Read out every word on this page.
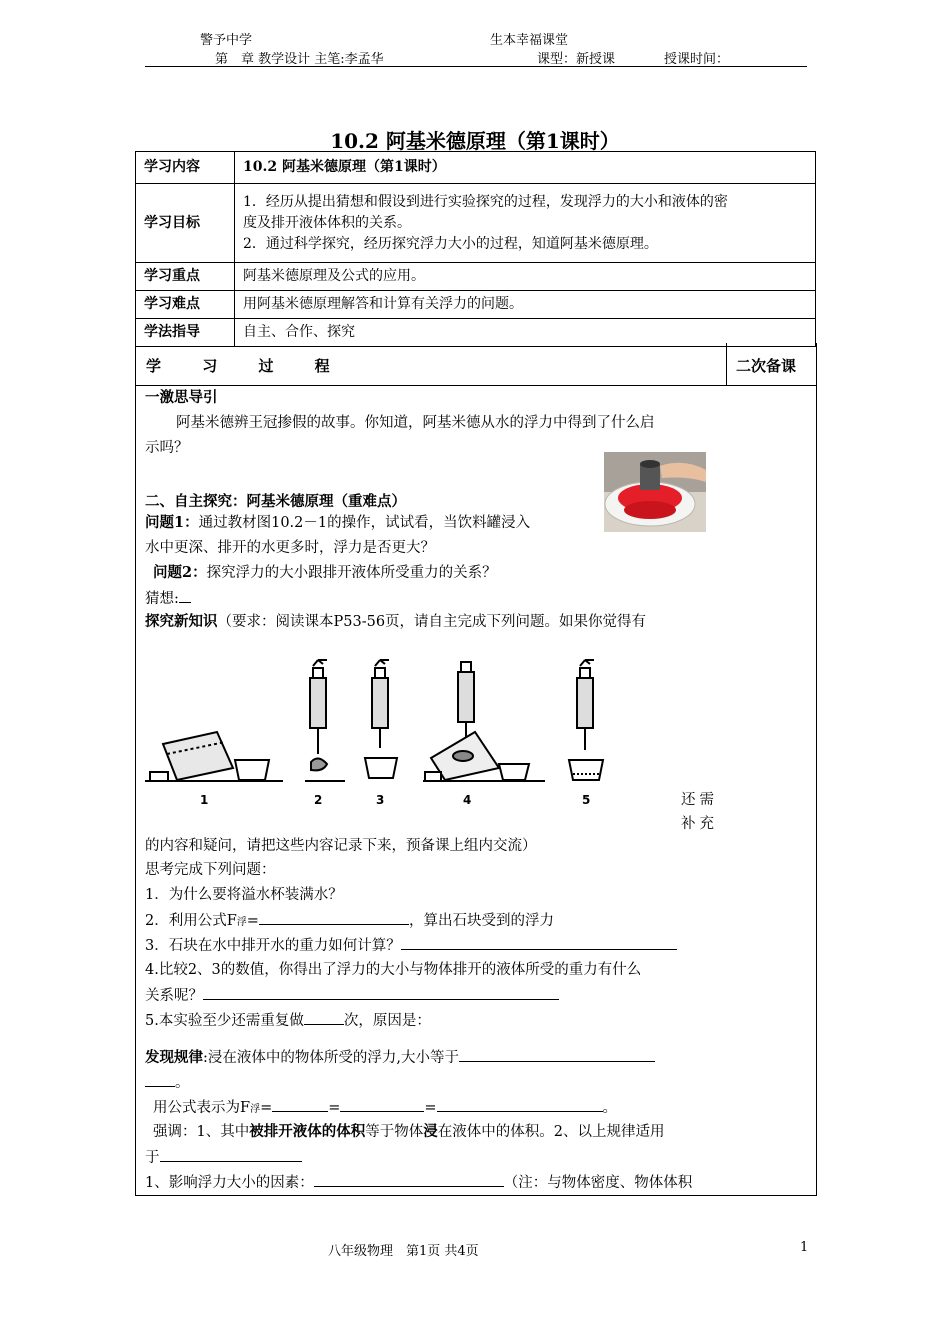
警予中学	生本幸福课堂
第　章 教学设计 主笔:李孟华	课型：新授课	授课时间：
10.2 阿基米德原理（第1课时）
学习内容	10.2 阿基米德原理（第1课时）
学习目标	1．经历从提出猜想和假设到进行实验探究的过程，发现浮力的大小和液体的密
度及排开液体体积的关系。
2．通过科学探究，经历探究浮力大小的过程，知道阿基米德原理。

学习重点	阿基米德原理及公式的应用。
学习难点	用阿基米德原理解答和计算有关浮力的问题。
学法指导	自主、合作、探究
学 习 过 程	二次备课
一激思导引
阿基米德辨王冠掺假的故事。你知道，阿基米德从水的浮力中得到了什么启
示吗？
二、自主探究：阿基米德原理（重难点）
问题1：通过教材图10.2－1的操作，试试看，当饮料罐浸入
水中更深、排开的水更多时，浮力是否更大？
问题2：探究浮力的大小跟排开液体所受重力的关系？
猜想:
探究新知识（要求：阅读课本P53-56页，请自主完成下列问题。如果你觉得有
1	2	3	4	5	还需
补充
的内容和疑问，请把这些内容记录下来，预备课上组内交流）
思考完成下列问题：
1．为什么要将溢水杯装满水？
2．利用公式F浮=	，算出石块受到的浮力
3．石块在水中排开水的重力如何计算？
4.比较2、3的数值，你得出了浮力的大小与物体排开的液体所受的重力有什么
关系呢？
5.本实验至少还需重复做	次，原因是：
发现规律:浸在液体中的物体所受的浮力,大小等于
。
用公式表示为F浮=	=	=	。
强调：1、其中被排开液体的体积等于物体浸在液体中的体积。2、以上规律适用
于
1、影响浮力大小的因素：	（注：与物体密度、物体体积
八年级物理　第1页 共4页	1
